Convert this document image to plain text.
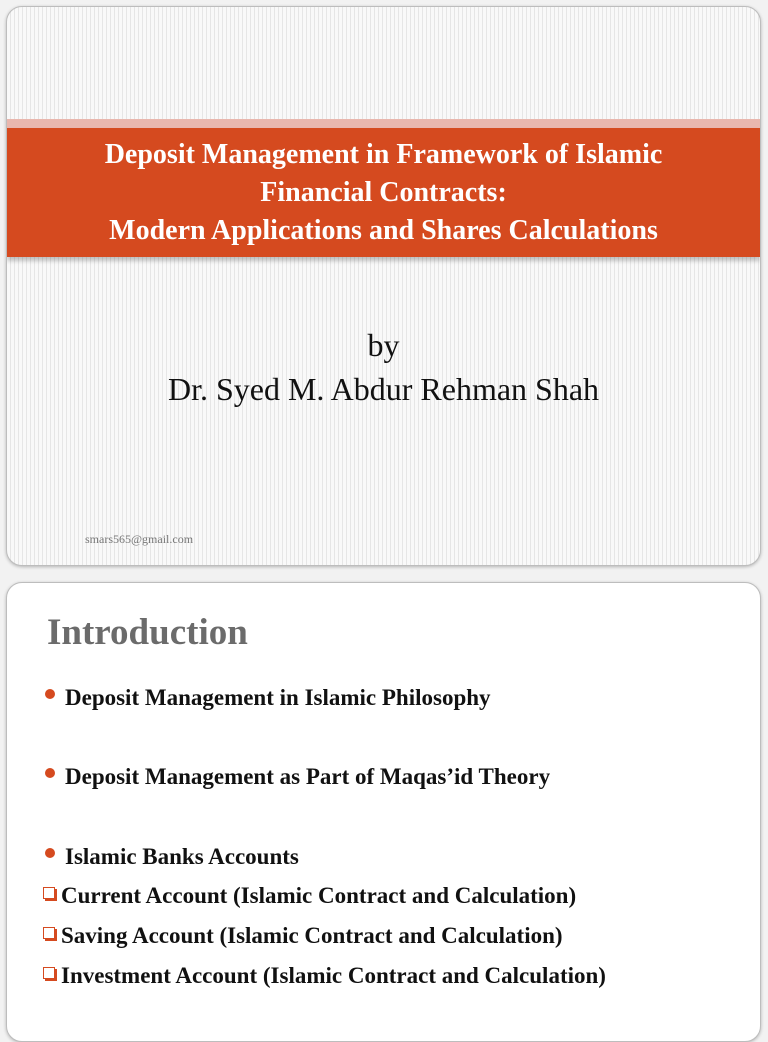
Deposit Management in Framework of Islamic
Financial Contracts:
Modern Applications and Shares Calculations
by
Dr. Syed M. Abdur Rehman Shah
smars565@gmail.com
Introduction
Deposit Management in Islamic Philosophy
Deposit Management as Part of Maqas’id Theory
Islamic Banks Accounts
Current Account (Islamic Contract and Calculation)
Saving Account (Islamic Contract and Calculation)
Investment Account (Islamic Contract and Calculation)
